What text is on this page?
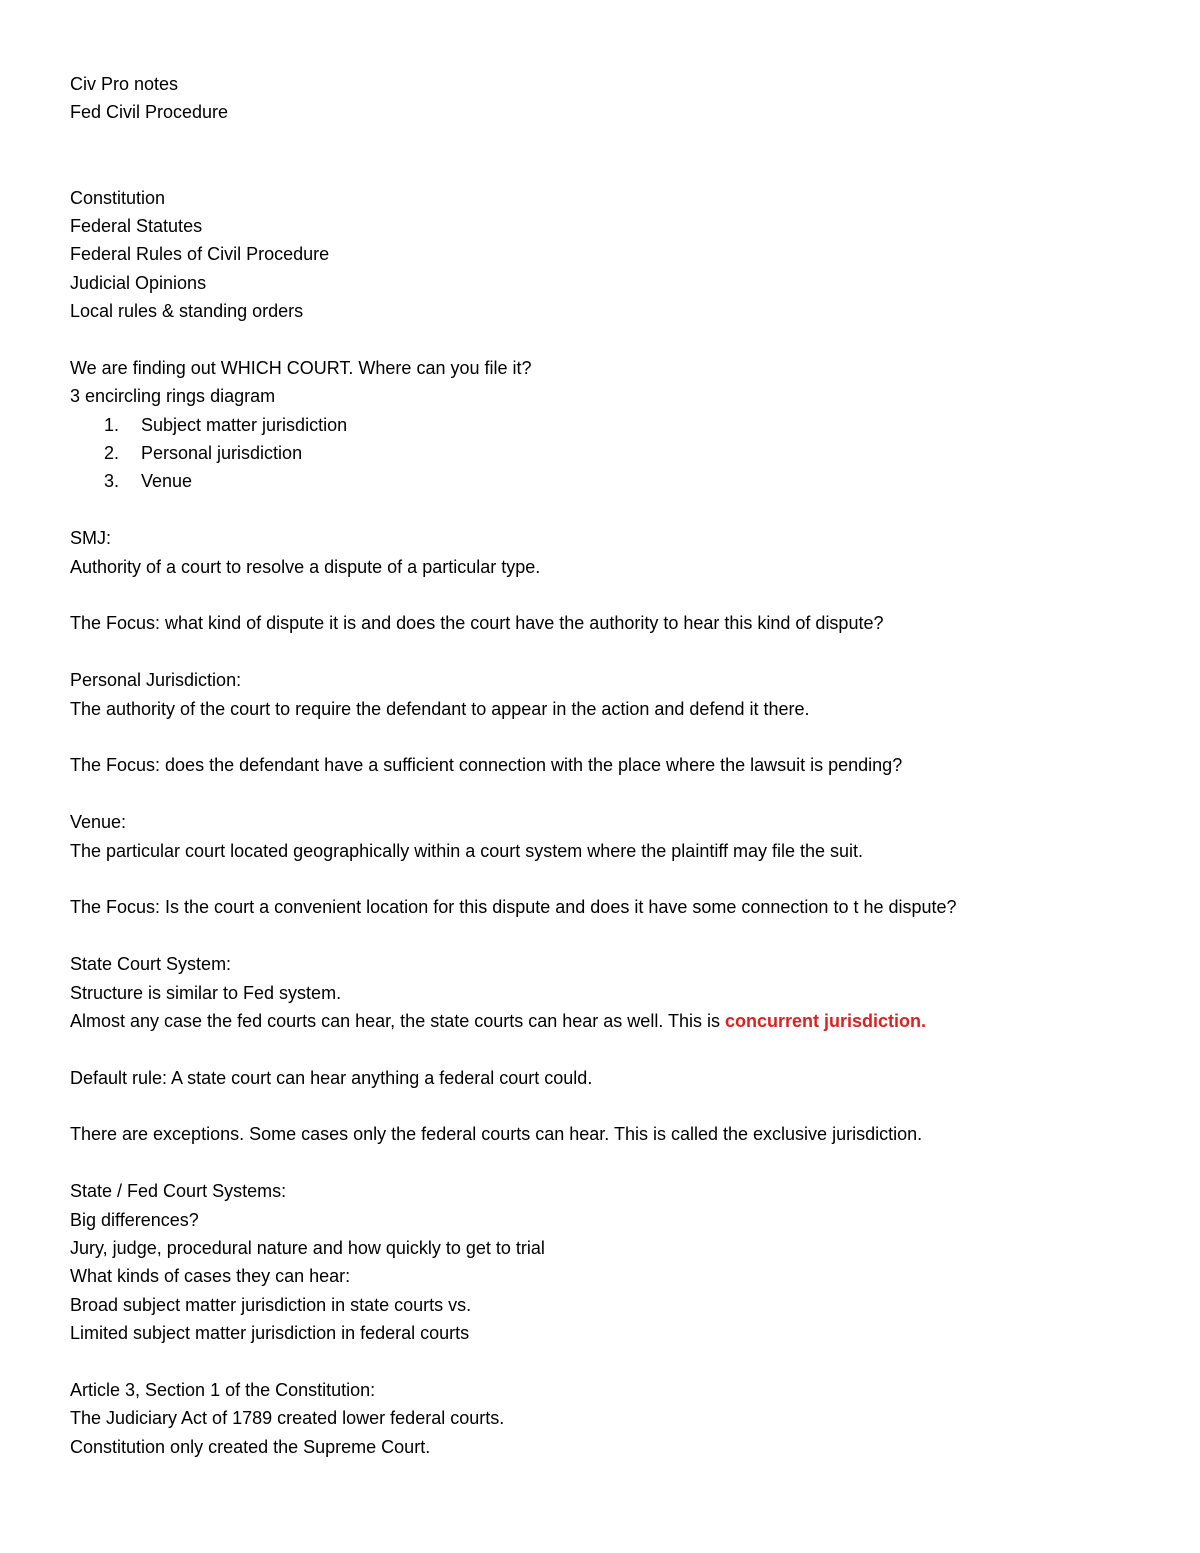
Civ Pro notes
Fed Civil Procedure
Constitution
Federal Statutes
Federal Rules of Civil Procedure
Judicial Opinions
Local rules & standing orders
We are finding out WHICH COURT. Where can you file it?
3 encircling rings diagram
1.	Subject matter jurisdiction
2.	Personal jurisdiction
3.	Venue
SMJ:
Authority of a court to resolve a dispute of a particular type.
The Focus: what kind of dispute it is and does the court have the authority to hear this kind of dispute?
Personal Jurisdiction:
The authority of the court to require the defendant to appear in the action and defend it there.
The Focus: does the defendant have a sufficient connection with the place where the lawsuit is pending?
Venue:
The particular court located geographically within a court system where the plaintiff may file the suit.
The Focus: Is the court a convenient location for this dispute and does it have some connection to t he dispute?
State Court System:
Structure is similar to Fed system.
Almost any case the fed courts can hear, the state courts can hear as well. This is concurrent jurisdiction.
Default rule: A state court can hear anything a federal court could.
There are exceptions. Some cases only the federal courts can hear. This is called the exclusive jurisdiction.
State / Fed Court Systems:
Big differences?
Jury, judge, procedural nature and how quickly to get to trial
What kinds of cases they can hear:
Broad subject matter jurisdiction in state courts vs.
Limited subject matter jurisdiction in federal courts
Article 3, Section 1 of the Constitution:
The Judiciary Act of 1789 created lower federal courts.
Constitution only created the Supreme Court.
